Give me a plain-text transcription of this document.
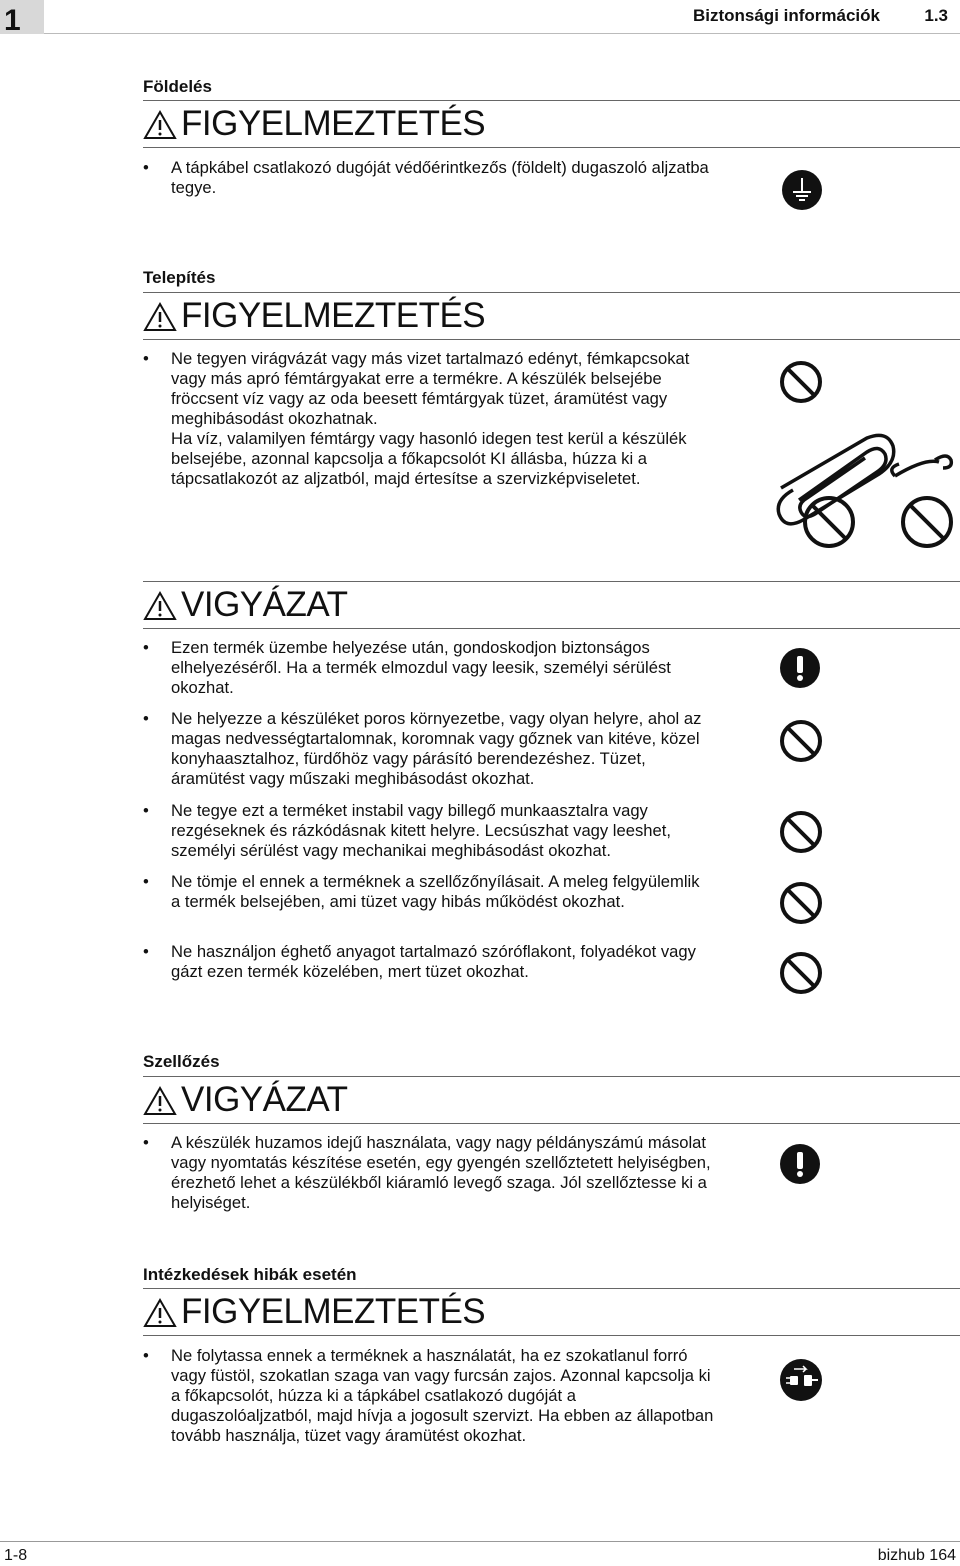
1	Biztonsági információk	1.3
Földelés
FIGYELMEZTETÉS
• A tápkábel csatlakozó dugóját védőérintkezős (földelt) dugaszoló aljzatba
tegye.
Telepítés
FIGYELMEZTETÉS
• Ne tegyen virágvázát vagy más vizet tartalmazó edényt, fémkapcsokat
vagy más apró fémtárgyakat erre a termékre. A készülék belsejébe
fröccsent víz vagy az oda beesett fémtárgyak tüzet, áramütést vagy
meghibásodást okozhatnak.
Ha víz, valamilyen fémtárgy vagy hasonló idegen test kerül a készülék
belsejébe, azonnal kapcsolja a főkapcsolót KI állásba, húzza ki a
tápcsatlakozót az aljzatból, majd értesítse a szervizképviseletet.
VIGYÁZAT
• Ezen termék üzembe helyezése után, gondoskodjon biztonságos
elhelyezéséről. Ha a termék elmozdul vagy leesik, személyi sérülést
okozhat.
• Ne helyezze a készüléket poros környezetbe, vagy olyan helyre, ahol az
magas nedvességtartalomnak, koromnak vagy gőznek van kitéve, közel
konyhaasztalhoz, fürdőhöz vagy párásító berendezéshez. Tüzet,
áramütést vagy műszaki meghibásodást okozhat.
• Ne tegye ezt a terméket instabil vagy billegő munkaasztalra vagy
rezgéseknek és rázkódásnak kitett helyre. Lecsúszhat vagy leeshet,
személyi sérülést vagy mechanikai meghibásodást okozhat.
• Ne tömje el ennek a terméknek a szellőzőnyílásait. A meleg felgyülemlik
a termék belsejében, ami tüzet vagy hibás működést okozhat.
• Ne használjon éghető anyagot tartalmazó szóróflakont, folyadékot vagy
gázt ezen termék közelében, mert tüzet okozhat.
Szellőzés
VIGYÁZAT
• A készülék huzamos idejű használata, vagy nagy példányszámú másolat
vagy nyomtatás készítése esetén, egy gyengén szellőztetett helyiségben,
érezhető lehet a készülékből kiáramló levegő szaga. Jól szellőztesse ki a
helyiséget.
Intézkedések hibák esetén
FIGYELMEZTETÉS
• Ne folytassa ennek a terméknek a használatát, ha ez szokatlanul forró
vagy füstöl, szokatlan szaga van vagy furcsán zajos. Azonnal kapcsolja ki
a főkapcsolót, húzza ki a tápkábel csatlakozó dugóját a
dugaszolóaljzatból, majd hívja a jogosult szervizt. Ha ebben az állapotban
tovább használja, tüzet vagy áramütést okozhat.
1-8	bizhub 164
